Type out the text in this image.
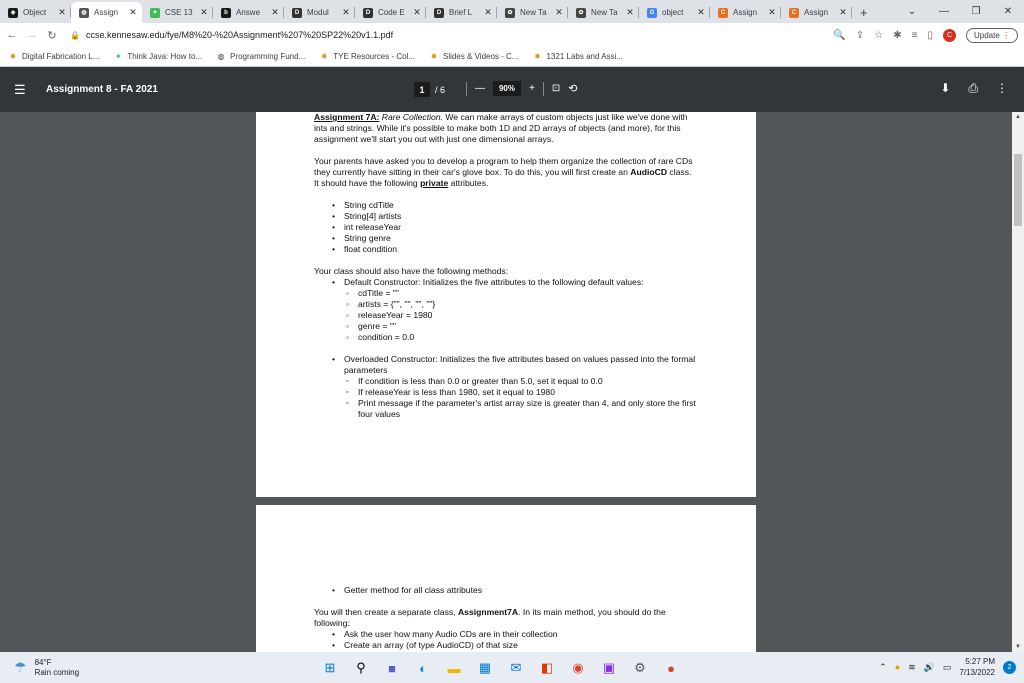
◈ Object	✕	◍ Assign	✕	✦ CSE 13 ✕	b	Answe	✕	D Modul	✕	D Code E ✕	D Brief L	✕	✿ New Ta ✕	✿ New Ta ✕	G object	✕	C Assign	✕	C Assign	✕ +	⌄	—	❐	✕
← → ↻	🔒 ccse.kennesaw.edu/fye/M8%20-%20Assignment%207%20SP22%20v1.1.pdf	🔍 ⇪ ☆ ✱ ≡ ▯	C	Update ⋮
✸ Digital Fabrication L... ✦ Think Java: How to... ◍ Programming Fund... ✸ TYE Resources - Col... ✸ Slides & Videos - C... ✸ 1321 Labs and Assi...
☰	Assignment 8 - FA 2021	1	/ 6	—	90%	+ ⊡ ⟲	⬇ ⎙ ⋮

Assignment 7A: Rare Collection. We can make arrays of custom objects just like we've done with ints and strings. While it's possible to make both 1D and 2D arrays of objects (and more), for this assignment we'll start you out with just one dimensional arrays.

Your parents have asked you to develop a program to help them organize the collection of rare CDs they currently have sitting in their car's glove box. To do this, you will first create an AudioCD class. It should have the following private attributes.

• String cdTitle
• String[4] artists
• int releaseYear
• String genre
• float condition

Your class should also have the following methods:

• Default Constructor: Initializes the five attributes to the following default values:
◦ cdTitle = ""
◦ artists = {"", "", "", ""}
◦ releaseYear = 1980
◦ genre = ""
◦ condition = 0.0
• Overloaded Constructor: Initializes the five attributes based on values passed into the formal parameters
▫ If condition is less than 0.0 or greater than 5.0, set it equal to 0.0
▫ If releaseYear is less than 1980, set it equal to 1980
▫ Print message if the parameter's artist array size is greater than 4, and only store the first four values
• Getter method for all class attributes

You will then create a separate class, Assignment7A. In its main method, you should do the following:

• Ask the user how many Audio CDs are in their collection
• Create an array (of type AudioCD) of that size
▲
▼
☂ 84°F
Rain coming	⊞	⚲	■	◐	▬ ▦	✉	◧	◉	▣	⚙	●	⌃ ● ≋ 🔊 ▭	5:27 PM
7/13/2022
2
